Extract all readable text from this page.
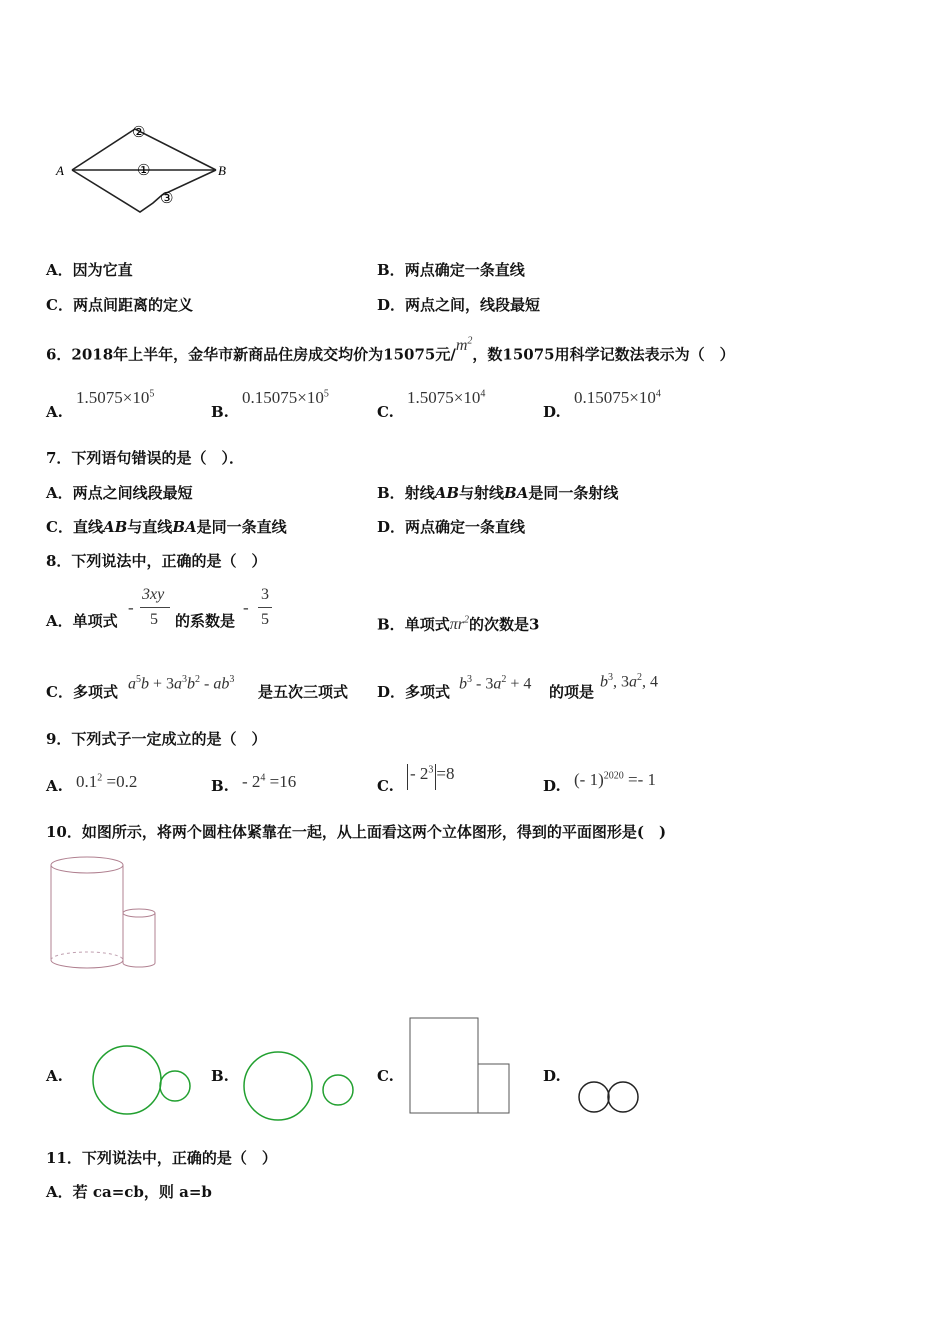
A	B
②
①
③
A．因为它直	B．两点确定一条直线
C．两点间距离的定义	D．两点之间，线段最短
6．2018年上半年，金华市新商品住房成交均价为15075元$/m^2$，数15075用科学记数法表示为（　）
A.
$1.5075\times 10^5$
B.
$0.15075\times 10^5$
C.
$1.5075\times 10^4$
D.
$0.15075\times 10^4$
7．下列语句错误的是（　）．
A．两点之间线段最短	B．射线AB与射线BA是同一条射线
C．直线AB与直线BA是同一条直线	D．两点确定一条直线
8．下列说法中，正确的是（　）
A．单项式
-
3xy
5 的系数是
-
3
5	B．单项式$\pi r^2$的次数是3
C．多项式 $a^5b + 3a^3b^2 - ab^3$
是五次三项式 D．多项式 $b^3 - 3a^2 + 4$ 的项是
$b^3$, $3a^2$, 4
9．下列式子一定成立的是（　）
A. $0.1^2 =0.2$	B. - $2^4 =16$	C.
- $2^3 =8$
D. (- 1)$^{2020}$ =- 1
10．如图所示，将两个圆柱体紧靠在一起，从上面看这两个立体图形，得到的平面图形是(　)
A.	B.	C.	D.
11．下列说法中，正确的是（　）
A．若 ca=cb，则 a=b
